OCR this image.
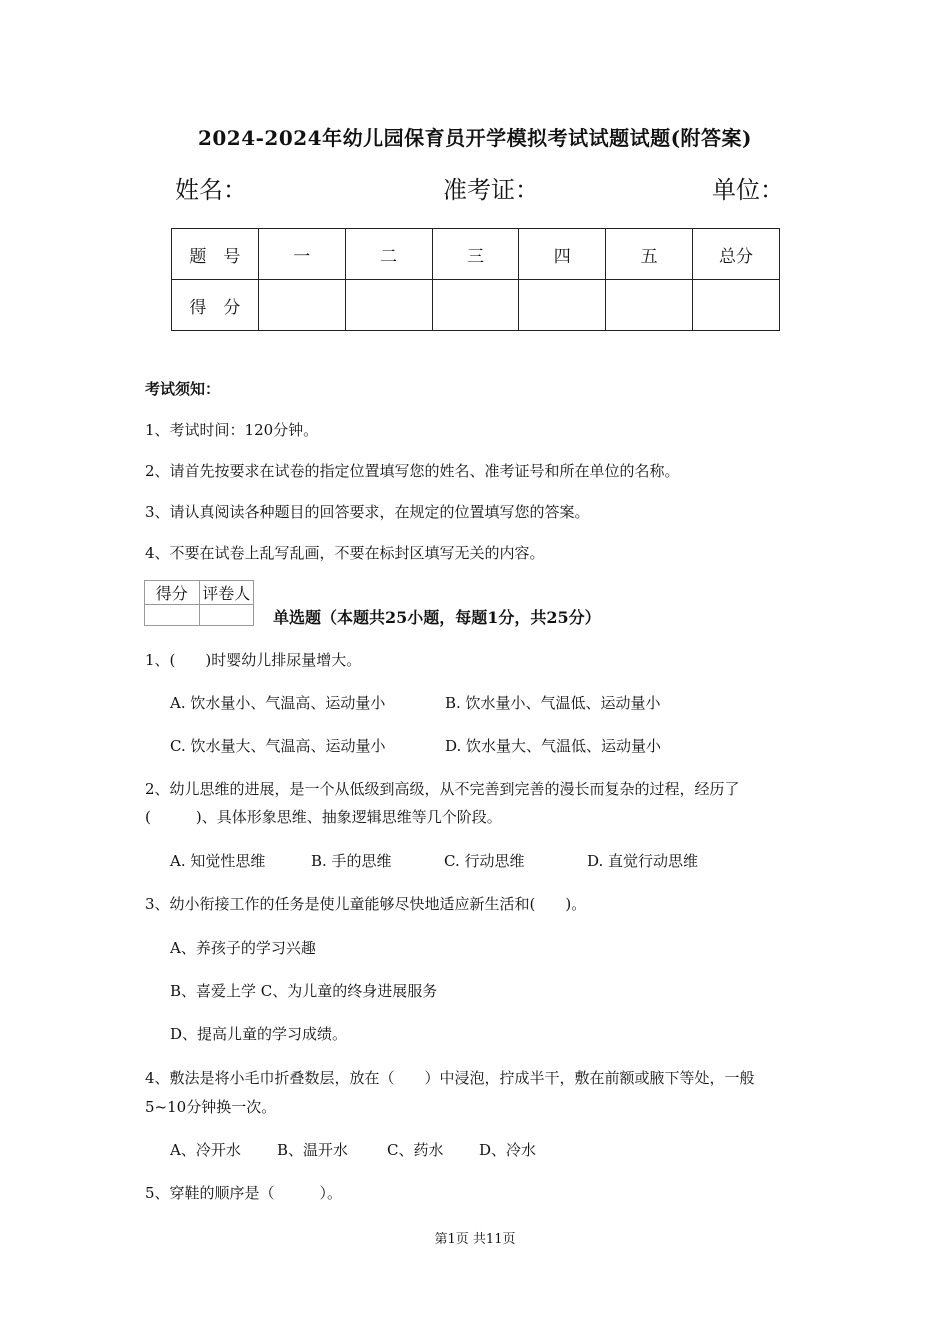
2024-2024年幼儿园保育员开学模拟考试试题试题(附答案)
姓名：	准考证：	单位：
题　号	一	二	三	四	五	总分
得　分						
考试须知：
1、考试时间：120分钟。
2、请首先按要求在试卷的指定位置填写您的姓名、准考证号和所在单位的名称。
3、请认真阅读各种题目的回答要求，在规定的位置填写您的答案。
4、不要在试卷上乱写乱画，不要在标封区填写无关的内容。
得分	评卷人

单选题（本题共25小题，每题1分，共25分）
1、(　　)时婴幼儿排尿量增大。
A. 饮水量小、气温高、运动量小	B. 饮水量小、气温低、运动量小
C. 饮水量大、气温高、运动量小	D. 饮水量大、气温低、运动量小
2、幼儿思维的进展，是一个从低级到高级，从不完善到完善的漫长而复杂的过程，经历了
(　　　)、具体形象思维、抽象逻辑思维等几个阶段。
A. 知觉性思维	B. 手的思维	C. 行动思维	D. 直觉行动思维
3、幼小衔接工作的任务是使儿童能够尽快地适应新生活和(　　)。
A、养孩子的学习兴趣
B、喜爱上学 C、为儿童的终身进展服务
D、提高儿童的学习成绩。
4、敷法是将小毛巾折叠数层，放在（　　）中浸泡，拧成半干，敷在前额或腋下等处，一般
5~10分钟换一次。
A、冷开水 B、温开水	C、药水 D、冷水
5、穿鞋的顺序是（　　　）。
第1页 共11页
